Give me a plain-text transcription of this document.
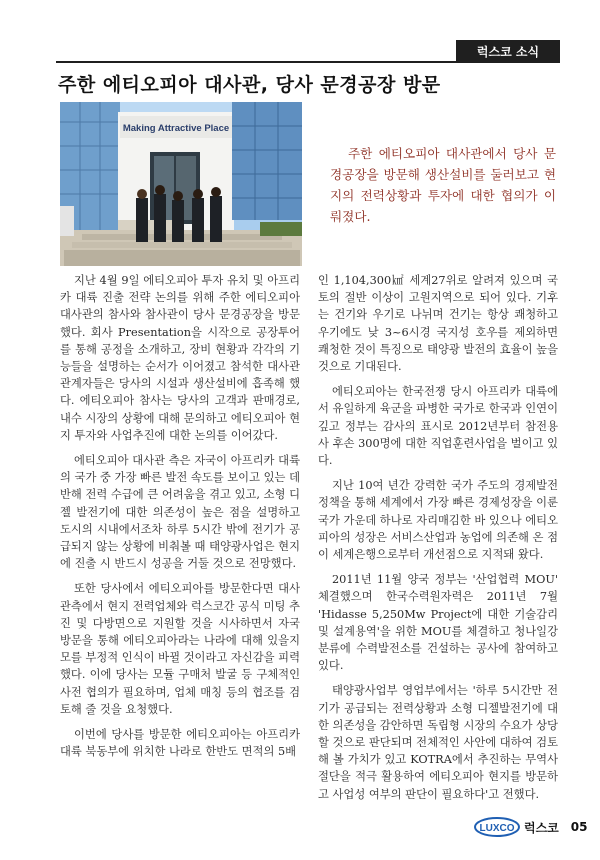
럭스코 소식
주한 에티오피아 대사관, 당사 문경공장 방문
Making Attractive Place
주한 에티오피아 대사관에서 당사 문경공장을 방문해 생산설비를 둘러보고 현지의 전력상황과 투자에 대한 협의가 이뤄졌다.

지난 4월 9일 에티오피아 투자 유치 및 아프리카 대륙 진출 전략 논의를 위해 주한 에티오피아 대사관의 참사와 참사관이 당사 문경공장을 방문했다. 회사 Presentation을 시작으로 공장투어를 통해 공정을 소개하고, 장비 현황과 각각의 기능들을 설명하는 순서가 이어졌고 참석한 대사관 관계자들은 당사의 시설과 생산설비에 흡족해 했다. 에티오피아 참사는 당사의 고객과 판매경로, 내수 시장의 상황에 대해 문의하고 에티오피아 현지 투자와 사업추진에 대한 논의를 이어갔다.

에티오피아 대사관 측은 자국이 아프리카 대륙의 국가 중 가장 빠른 발전 속도를 보이고 있는 데 반해 전력 수급에 큰 어려움을 겪고 있고, 소형 디젤 발전기에 대한 의존성이 높은 점을 설명하고 도시의 시내에서조차 하루 5시간 밖에 전기가 공급되지 않는 상황에 비춰볼 때 태양광사업은 현지에 진출 시 반드시 성공을 거둘 것으로 전망했다.

또한 당사에서 에티오피아를 방문한다면 대사관측에서 현지 전력업체와 럭스코간 공식 미팅 추진 및 다방면으로 지원할 것을 시사하면서 자국 방문을 통해 에티오피아라는 나라에 대해 있을지 모를 부정적 인식이 바뀔 것이라고 자신감을 피력했다. 이에 당사는 모듈 구매처 발굴 등 구체적인 사전 협의가 필요하며, 업체 매칭 등의 협조를 검토해 줄 것을 요청했다.

이번에 당사를 방문한 에티오피아는 아프리카 대륙 북동부에 위치한 나라로 한반도 면적의 5배

인 1,104,300㎢ 세계27위로 알려져 있으며 국토의 절반 이상이 고원지역으로 되어 있다. 기후는 건기와 우기로 나뉘며 건기는 항상 쾌청하고 우기에도 낮 3~6시경 국지성 호우를 제외하면 쾌청한 것이 특징으로 태양광 발전의 효율이 높을 것으로 기대된다.

에티오피아는 한국전쟁 당시 아프리카 대륙에서 유일하게 육군을 파병한 국가로 한국과 인연이 깊고 정부는 감사의 표시로 2012년부터 참전용사 후손 300명에 대한 직업훈련사업을 벌이고 있다.

지난 10여 년간 강력한 국가 주도의 경제발전 정책을 통해 세계에서 가장 빠른 경제성장을 이룬 국가 가운데 하나로 자리매김한 바 있으나 에티오피아의 성장은 서비스산업과 농업에 의존해 온 점이 세계은행으로부터 개선점으로 지적돼 왔다.

2011년 11월 양국 정부는 '산업협력 MOU' 체결했으며 한국수력원자력은 2011년 7월 'Hidasse 5,250Mw Project에 대한 기술감리 및 설계용역'을 위한 MOU를 체결하고 청나일강 분류에 수력발전소를 건설하는 공사에 참여하고 있다.

태양광사업부 영업부에서는 '하루 5시간만 전기가 공급되는 전력상황과 소형 디젤발전기에 대한 의존성을 감안하면 독립형 시장의 수요가 상당할 것으로 판단되며 전체적인 사안에 대하여 검토해 볼 가치가 있고 KOTRA에서 추진하는 무역사절단을 적극 활용하여 에티오피아 현지를 방문하고 사업성 여부의 판단이 필요하다'고 전했다.

LUXCO 럭스코 05
